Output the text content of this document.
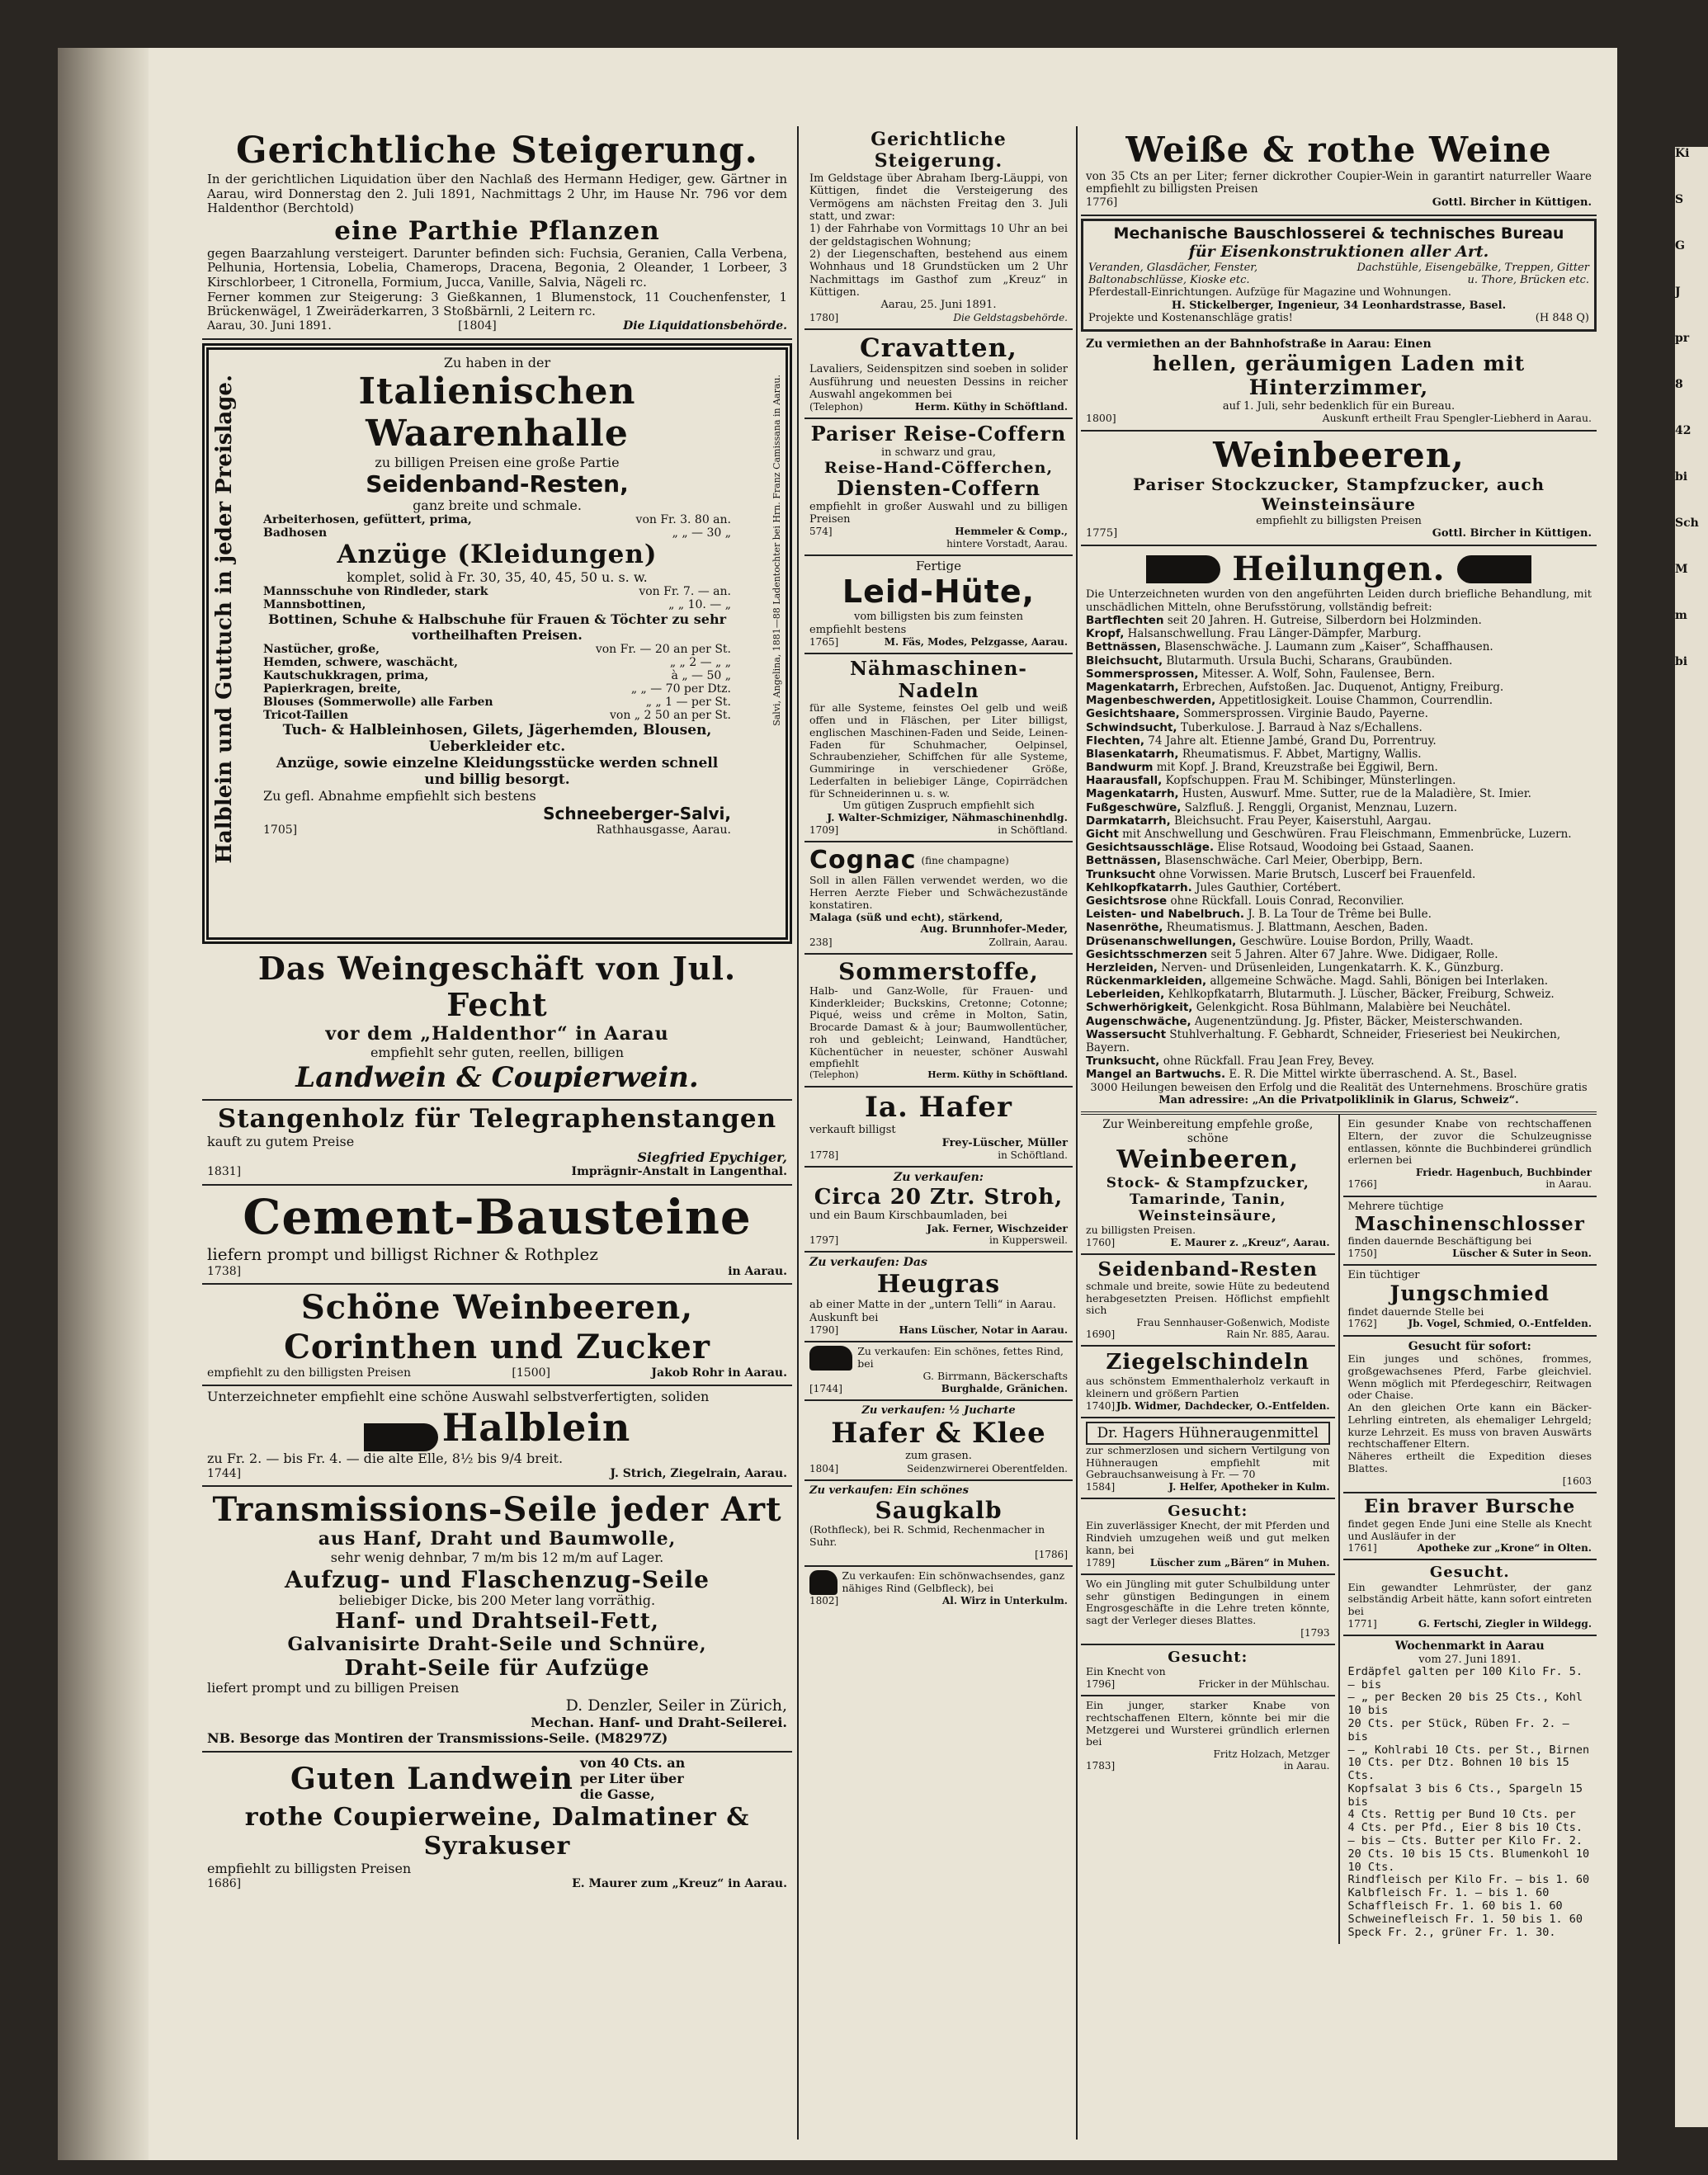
Gerichtliche Steigerung.
In der gerichtlichen Liquidation über den Nachlaß des Hermann Hediger, gew. Gärtner in Aarau, wird Donnerstag den 2. Juli 1891, Nachmittags 2 Uhr, im Hause Nr. 796 vor dem Haldenthor (Berchtold)
eine Parthie Pflanzen
gegen Baarzahlung versteigert. Darunter befinden sich: Fuchsia, Geranien, Calla Verbena, Pelhunia, Hortensia, Lobelia, Chamerops, Dracena, Begonia, 2 Oleander, 1 Lorbeer, 3 Kirschlorbeer, 1 Citronella, Formium, Jucca, Vanille, Salvia, Nägeli rc.
Ferner kommen zur Steigerung: 3 Gießkannen, 1 Blumenstock, 11 Couchenfenster, 1 Brückenwägel, 1 Zweiräderkarren, 3 Stoßbärnli, 2 Leitern rc.
Aarau, 30. Juni 1891.	[1804]	Die Liquidationsbehörde.
Halblein und Guttuch in jeder Preislage.	Salvi, Angelina, 1881—88 Ladentochter bei Hrn. Franz Camissana in Aarau.
Zu haben in der
Italienischen Waarenhalle
zu billigen Preisen eine große Partie
Seidenband-Resten,
ganz breite und schmale.
Arbeiterhosen, gefüttert, prima,	von Fr. 3. 80 an.
Badhosen	„ „ — 30 „
Anzüge (Kleidungen)
komplet, solid à Fr. 30, 35, 40, 45, 50 u. s. w.
Mannsschuhe von Rindleder, stark	von Fr. 7. — an.
Mannsbottinen,	„ „ 10. — „
Bottinen, Schuhe & Halbschuhe für Frauen & Töchter zu sehr vortheilhaften Preisen.
Nastücher, große,	von Fr. — 20 an per St.
Hemden, schwere, waschächt,	„ „ 2 — „ „
Kautschukkragen, prima,	à „ — 50 „
Papierkragen, breite,	„ „ — 70 per Dtz.
Blouses (Sommerwolle) alle Farben	„ „ 1 — per St.
Tricot-Taillen	von „ 2 50 an per St.
Tuch- & Halbleinhosen, Gilets, Jägerhemden, Blousen, Ueberkleider etc.
Anzüge, sowie einzelne Kleidungsstücke werden schnell und billig besorgt.
Zu gefl. Abnahme empfiehlt sich bestens
Schneeberger-Salvi,
1705]	Rathhausgasse, Aarau.
Das Weingeschäft von Jul. Fecht
vor dem „Haldenthor“ in Aarau
empfiehlt sehr guten, reellen, billigen
Landwein & Coupierwein.
Stangenholz für Telegraphenstangen
kauft zu gutem Preise
Siegfried Epychiger,
1831]	Imprägnir-Anstalt in Langenthal.
Cement-Bausteine
liefern prompt und billigst Richner & Rothplez
1738]	in Aarau.
Schöne Weinbeeren, Corinthen und Zucker
empfiehlt zu den billigsten Preisen	[1500]	Jakob Rohr in Aarau.
Unterzeichneter empfiehlt eine schöne Auswahl selbstverfertigten, soliden
Halblein
zu Fr. 2. — bis Fr. 4. — die alte Elle, 8½ bis 9/4 breit.
1744]	J. Strich, Ziegelrain, Aarau.
Transmissions-Seile jeder Art
aus Hanf, Draht und Baumwolle,
sehr wenig dehnbar, 7 m/m bis 12 m/m auf Lager.
Aufzug- und Flaschenzug-Seile
beliebiger Dicke, bis 200 Meter lang vorräthig.
Hanf- und Drahtseil-Fett,
Galvanisirte Draht-Seile und Schnüre,
Draht-Seile für Aufzüge
liefert prompt und zu billigen Preisen
D. Denzler, Seiler in Zürich,
Mechan. Hanf- und Draht-Seilerei.
NB. Besorge das Montiren der Transmissions-Seile. (M8297Z)
Guten Landwein von 40 Cts. an per Liter über die Gasse,
rothe Coupierweine, Dalmatiner & Syrakuser
empfiehlt zu billigsten Preisen
1686]	E. Maurer zum „Kreuz“ in Aarau.
Gerichtliche Steigerung.
Im Geldstage über Abraham Iberg-Läuppi, von Küttigen, findet die Versteigerung des Vermögens am nächsten Freitag den 3. Juli statt, und zwar:
1) der Fahrhabe von Vormittags 10 Uhr an bei der geldstagischen Wohnung;
2) der Liegenschaften, bestehend aus einem Wohnhaus und 18 Grundstücken um 2 Uhr Nachmittags im Gasthof zum „Kreuz“ in Küttigen.
Aarau, 25. Juni 1891.
1780]	Die Geldstagsbehörde.
Cravatten,
Lavaliers, Seidenspitzen sind soeben in solider Ausführung und neuesten Dessins in reicher Auswahl angekommen bei
(Telephon)	Herm. Küthy in Schöftland.
Pariser Reise-Coffern
in schwarz und grau,
Reise-Hand-Cöfferchen,
Diensten-Coffern
empfiehlt in großer Auswahl und zu billigen Preisen
574]	Hemmeler & Comp.,
hintere Vorstadt, Aarau.
Fertige
Leid-Hüte,
vom billigsten bis zum feinsten
empfiehlt bestens
1765]	M. Fäs, Modes, Pelzgasse, Aarau.
Nähmaschinen-Nadeln
für alle Systeme, feinstes Oel gelb und weiß offen und in Fläschen, per Liter billigst, englischen Maschinen-Faden und Seide, Leinen-Faden für Schuhmacher, Oelpinsel, Schraubenzieher, Schiffchen für alle Systeme, Gummiringe in verschiedener Größe, Lederfalten in beliebiger Länge, Copirrädchen für Schneiderinnen u. s. w.
Um gütigen Zuspruch empfiehlt sich
J. Walter-Schmiziger, Nähmaschinenhdlg.
1709]	in Schöftland.
Cognac (fine champagne)
Soll in allen Fällen verwendet werden, wo die Herren Aerzte Fieber und Schwächezustände konstatiren.
Malaga (süß und echt), stärkend,
Aug. Brunnhofer-Meder,
238]	Zollrain, Aarau.
Sommerstoffe,
Halb- und Ganz-Wolle, für Frauen- und Kinderkleider; Buckskins, Cretonne; Cotonne; Piqué, weiss und crême in Molton, Satin, Brocarde Damast & à jour; Baumwollentücher, roh und gebleicht; Leinwand, Handtücher, Küchentücher in neuester, schöner Auswahl empfiehlt
(Telephon)	Herm. Küthy in Schöftland.
Ia. Hafer
verkauft billigst
Frey-Lüscher, Müller
1778]	in Schöftland.
Zu verkaufen:
Circa 20 Ztr. Stroh,
und ein Baum Kirschbaumladen, bei
Jak. Ferner, Wischzeider
1797]	in Kuppersweil.
Zu verkaufen: Das
Heugras
ab einer Matte in der „untern Telli“ in Aarau. Auskunft bei
1790]	Hans Lüscher, Notar in Aarau.
Zu verkaufen: Ein schönes, fettes Rind, bei
G. Birrmann, Bäckerschafts
[1744]	Burghalde, Gränichen.
Zu verkaufen: ½ Jucharte
Hafer & Klee
zum grasen.
1804]	Seidenzwirnerei Oberentfelden.
Zu verkaufen: Ein schönes
Saugkalb
(Rothfleck), bei R. Schmid, Rechenmacher in Suhr.
[1786]
Zu verkaufen: Ein schönwachsendes, ganz nähiges Rind (Gelbfleck), bei
1802]	Al. Wirz in Unterkulm.
Weiße & rothe Weine
von 35 Cts an per Liter; ferner dickrother Coupier-Wein in garantirt naturreller Waare empfiehlt zu billigsten Preisen
1776]	Gottl. Bircher in Küttigen.
Mechanische Bauschlosserei & technisches Bureau
für Eisenkonstruktionen aller Art.
Veranden, Glasdächer, Fenster, Baltonabschlüsse, Kioske etc.
Dachstühle, Eisengebälke, Treppen, Gitter u. Thore, Brücken etc.
Pferdestall-Einrichtungen. Aufzüge für Magazine und Wohnungen.
H. Stickelberger, Ingenieur, 34 Leonhardstrasse, Basel.
Projekte und Kostenanschläge gratis!	(H 848 Q)
Zu vermiethen an der Bahnhofstraße in Aarau: Einen
hellen, geräumigen Laden mit Hinterzimmer,
auf 1. Juli, sehr bedenklich für ein Bureau.
1800]	Auskunft ertheilt Frau Spengler-Liebherd in Aarau.
Weinbeeren,
Pariser Stockzucker, Stampfzucker, auch Weinsteinsäure
empfiehlt zu billigsten Preisen
1775]	Gottl. Bircher in Küttigen.
Heilungen.
Die Unterzeichneten wurden von den angeführten Leiden durch briefliche Behandlung, mit unschädlichen Mitteln, ohne Berufsstörung, vollständig befreit:
Bartflechten seit 20 Jahren. H. Gutreise, Silberdorn bei Holzminden.
Kropf, Halsanschwellung. Frau Länger-Dämpfer, Marburg.
Bettnässen, Blasenschwäche. J. Laumann zum „Kaiser“, Schaffhausen.
Bleichsucht, Blutarmuth. Ursula Buchi, Scharans, Graubünden.
Sommersprossen, Mitesser. A. Wolf, Sohn, Faulensee, Bern.
Magenkatarrh, Erbrechen, Aufstoßen. Jac. Duquenot, Antigny, Freiburg.
Magenbeschwerden, Appetitlosigkeit. Louise Chammon, Courrendlin.
Gesichtshaare, Sommersprossen. Virginie Baudo, Payerne.
Schwindsucht, Tuberkulose. J. Barraud à Naz s/Echallens.
Flechten, 74 Jahre alt. Etienne Jambé, Grand Du, Porrentruy.
Blasenkatarrh, Rheumatismus. F. Abbet, Martigny, Wallis.
Bandwurm mit Kopf. J. Brand, Kreuzstraße bei Eggiwil, Bern.
Haarausfall, Kopfschuppen. Frau M. Schibinger, Münsterlingen.
Magenkatarrh, Husten, Auswurf. Mme. Sutter, rue de la Maladière, St. Imier.
Fußgeschwüre, Salzfluß. J. Renggli, Organist, Menznau, Luzern.
Darmkatarrh, Bleichsucht. Frau Peyer, Kaiserstuhl, Aargau.
Gicht mit Anschwellung und Geschwüren. Frau Fleischmann, Emmenbrücke, Luzern.
Gesichtsausschläge. Elise Rotsaud, Woodoing bei Gstaad, Saanen.
Bettnässen, Blasenschwäche. Carl Meier, Oberbipp, Bern.
Trunksucht ohne Vorwissen. Marie Brutsch, Luscerf bei Frauenfeld.
Kehlkopfkatarrh. Jules Gauthier, Cortébert.
Gesichtsrose ohne Rückfall. Louis Conrad, Reconvilier.
Leisten- und Nabelbruch. J. B. La Tour de Trême bei Bulle.
Nasenröthe, Rheumatismus. J. Blattmann, Aeschen, Baden.
Drüsenanschwellungen, Geschwüre. Louise Bordon, Prilly, Waadt.
Gesichtsschmerzen seit 5 Jahren. Alter 67 Jahre. Wwe. Didigaer, Rolle.
Herzleiden, Nerven- und Drüsenleiden, Lungenkatarrh. K. K., Günzburg.
Rückenmarkleiden, allgemeine Schwäche. Magd. Sahli, Bönigen bei Interlaken.
Leberleiden, Kehlkopfkatarrh, Blutarmuth. J. Lüscher, Bäcker, Freiburg, Schweiz.
Schwerhörigkeit, Gelenkgicht. Rosa Bühlmann, Malabière bei Neuchâtel.
Augenschwäche, Augenentzündung. Jg. Pfister, Bäcker, Meisterschwanden.
Wassersucht Stuhlverhaltung. F. Gebhardt, Schneider, Frieseriest bei Neukirchen, Bayern.
Trunksucht, ohne Rückfall. Frau Jean Frey, Bevey.
Mangel an Bartwuchs. E. R. Die Mittel wirkte überraschend. A. St., Basel.
3000 Heilungen beweisen den Erfolg und die Realität des Unternehmens. Broschüre gratis
Man adressire: „An die Privatpoliklinik in Glarus, Schweiz“.
Zur Weinbereitung empfehle große, schöne
Weinbeeren,
Stock- & Stampfzucker,
Tamarinde, Tanin,
Weinsteinsäure,
zu billigsten Preisen.
1760]	E. Maurer z. „Kreuz“, Aarau.
Seidenband-Resten
schmale und breite, sowie Hüte zu bedeutend herabgesetzten Preisen. Höflichst empfiehlt sich
Frau Sennhauser-Goßenwich, Modiste
1690]	Rain Nr. 885, Aarau.
Ziegelschindeln
aus schönstem Emmenthalerholz verkauft in kleinern und größern Partien
1740] Jb. Widmer, Dachdecker, O.-Entfelden.
Dr. Hagers Hühneraugenmittel
zur schmerzlosen und sichern Vertilgung von Hühneraugen empfiehlt mit Gebrauchsanweisung à Fr. — 70
1584]	J. Helfer, Apotheker in Kulm.
Gesucht:
Ein zuverlässiger Knecht, der mit Pferden und Rindvieh umzugehen weiß und gut melken kann, bei
1789]	Lüscher zum „Bären“ in Muhen.
Wo ein Jüngling mit guter Schulbildung unter sehr günstigen Bedingungen in einem Engrosgeschäfte in die Lehre treten könnte, sagt der Verleger dieses Blattes.
[1793
Gesucht:
Ein Knecht von
1796]	Fricker in der Mühlschau.
Ein junger, starker Knabe von rechtschaffenen Eltern, könnte bei mir die Metzgerei und Wursterei gründlich erlernen bei
Fritz Holzach, Metzger
1783]	in Aarau.
Ein gesunder Knabe von rechtschaffenen Eltern, der zuvor die Schulzeugnisse entlassen, könnte die Buchbinderei gründlich erlernen bei
Friedr. Hagenbuch, Buchbinder
1766]	in Aarau.
Mehrere tüchtige
Maschinenschlosser
finden dauernde Beschäftigung bei
1750]	Lüscher & Suter in Seon.
Ein tüchtiger
Jungschmied
findet dauernde Stelle bei
1762]	Jb. Vogel, Schmied, O.-Entfelden.
Gesucht für sofort:
Ein junges und schönes, frommes, großgewachsenes Pferd, Farbe gleichviel. Wenn möglich mit Pferdegeschirr, Reitwagen oder Chaise.
An den gleichen Orte kann ein Bäcker-Lehrling eintreten, als ehemaliger Lehrgeld; kurze Lehrzeit. Es muss von braven Auswärts rechtschaffener Eltern.
Näheres ertheilt die Expedition dieses Blattes.
[1603
Ein braver Bursche
findet gegen Ende Juni eine Stelle als Knecht und Ausläufer in der
1761]	Apotheke zur „Krone“ in Olten.
Gesucht.
Ein gewandter Lehmrüster, der ganz selbständig Arbeit hätte, kann sofort eintreten bei
1771]	G. Fertschi, Ziegler in Wildegg.
Wochenmarkt in Aarau
vom 27. Juni 1891.
Erdäpfel galten per 100 Kilo Fr. 5. — bis
— „ per Becken 20 bis 25 Cts., Kohl 10 bis
20 Cts. per Stück, Rüben Fr. 2. — bis
— „ Kohlrabi 10 Cts. per St., Birnen
10 Cts. per Dtz. Bohnen 10 bis 15 Cts.
Kopfsalat 3 bis 6 Cts., Spargeln 15 bis
4 Cts. Rettig per Bund 10 Cts. per
4 Cts. per Pfd., Eier 8 bis 10 Cts.
— bis — Cts. Butter per Kilo Fr. 2.
20 Cts. 10 bis 15 Cts. Blumenkohl 10
10 Cts.
Rindfleisch per Kilo Fr. — bis 1. 60
Kalbfleisch Fr. 1. — bis 1. 60
Schaffleisch Fr. 1. 60 bis 1. 60
Schweinefleisch Fr. 1. 50 bis 1. 60
Speck Fr. 2., grüner Fr. 1. 30.
Ki
S
G
J
pr
8
42
bi
Sch
M
m
bi
